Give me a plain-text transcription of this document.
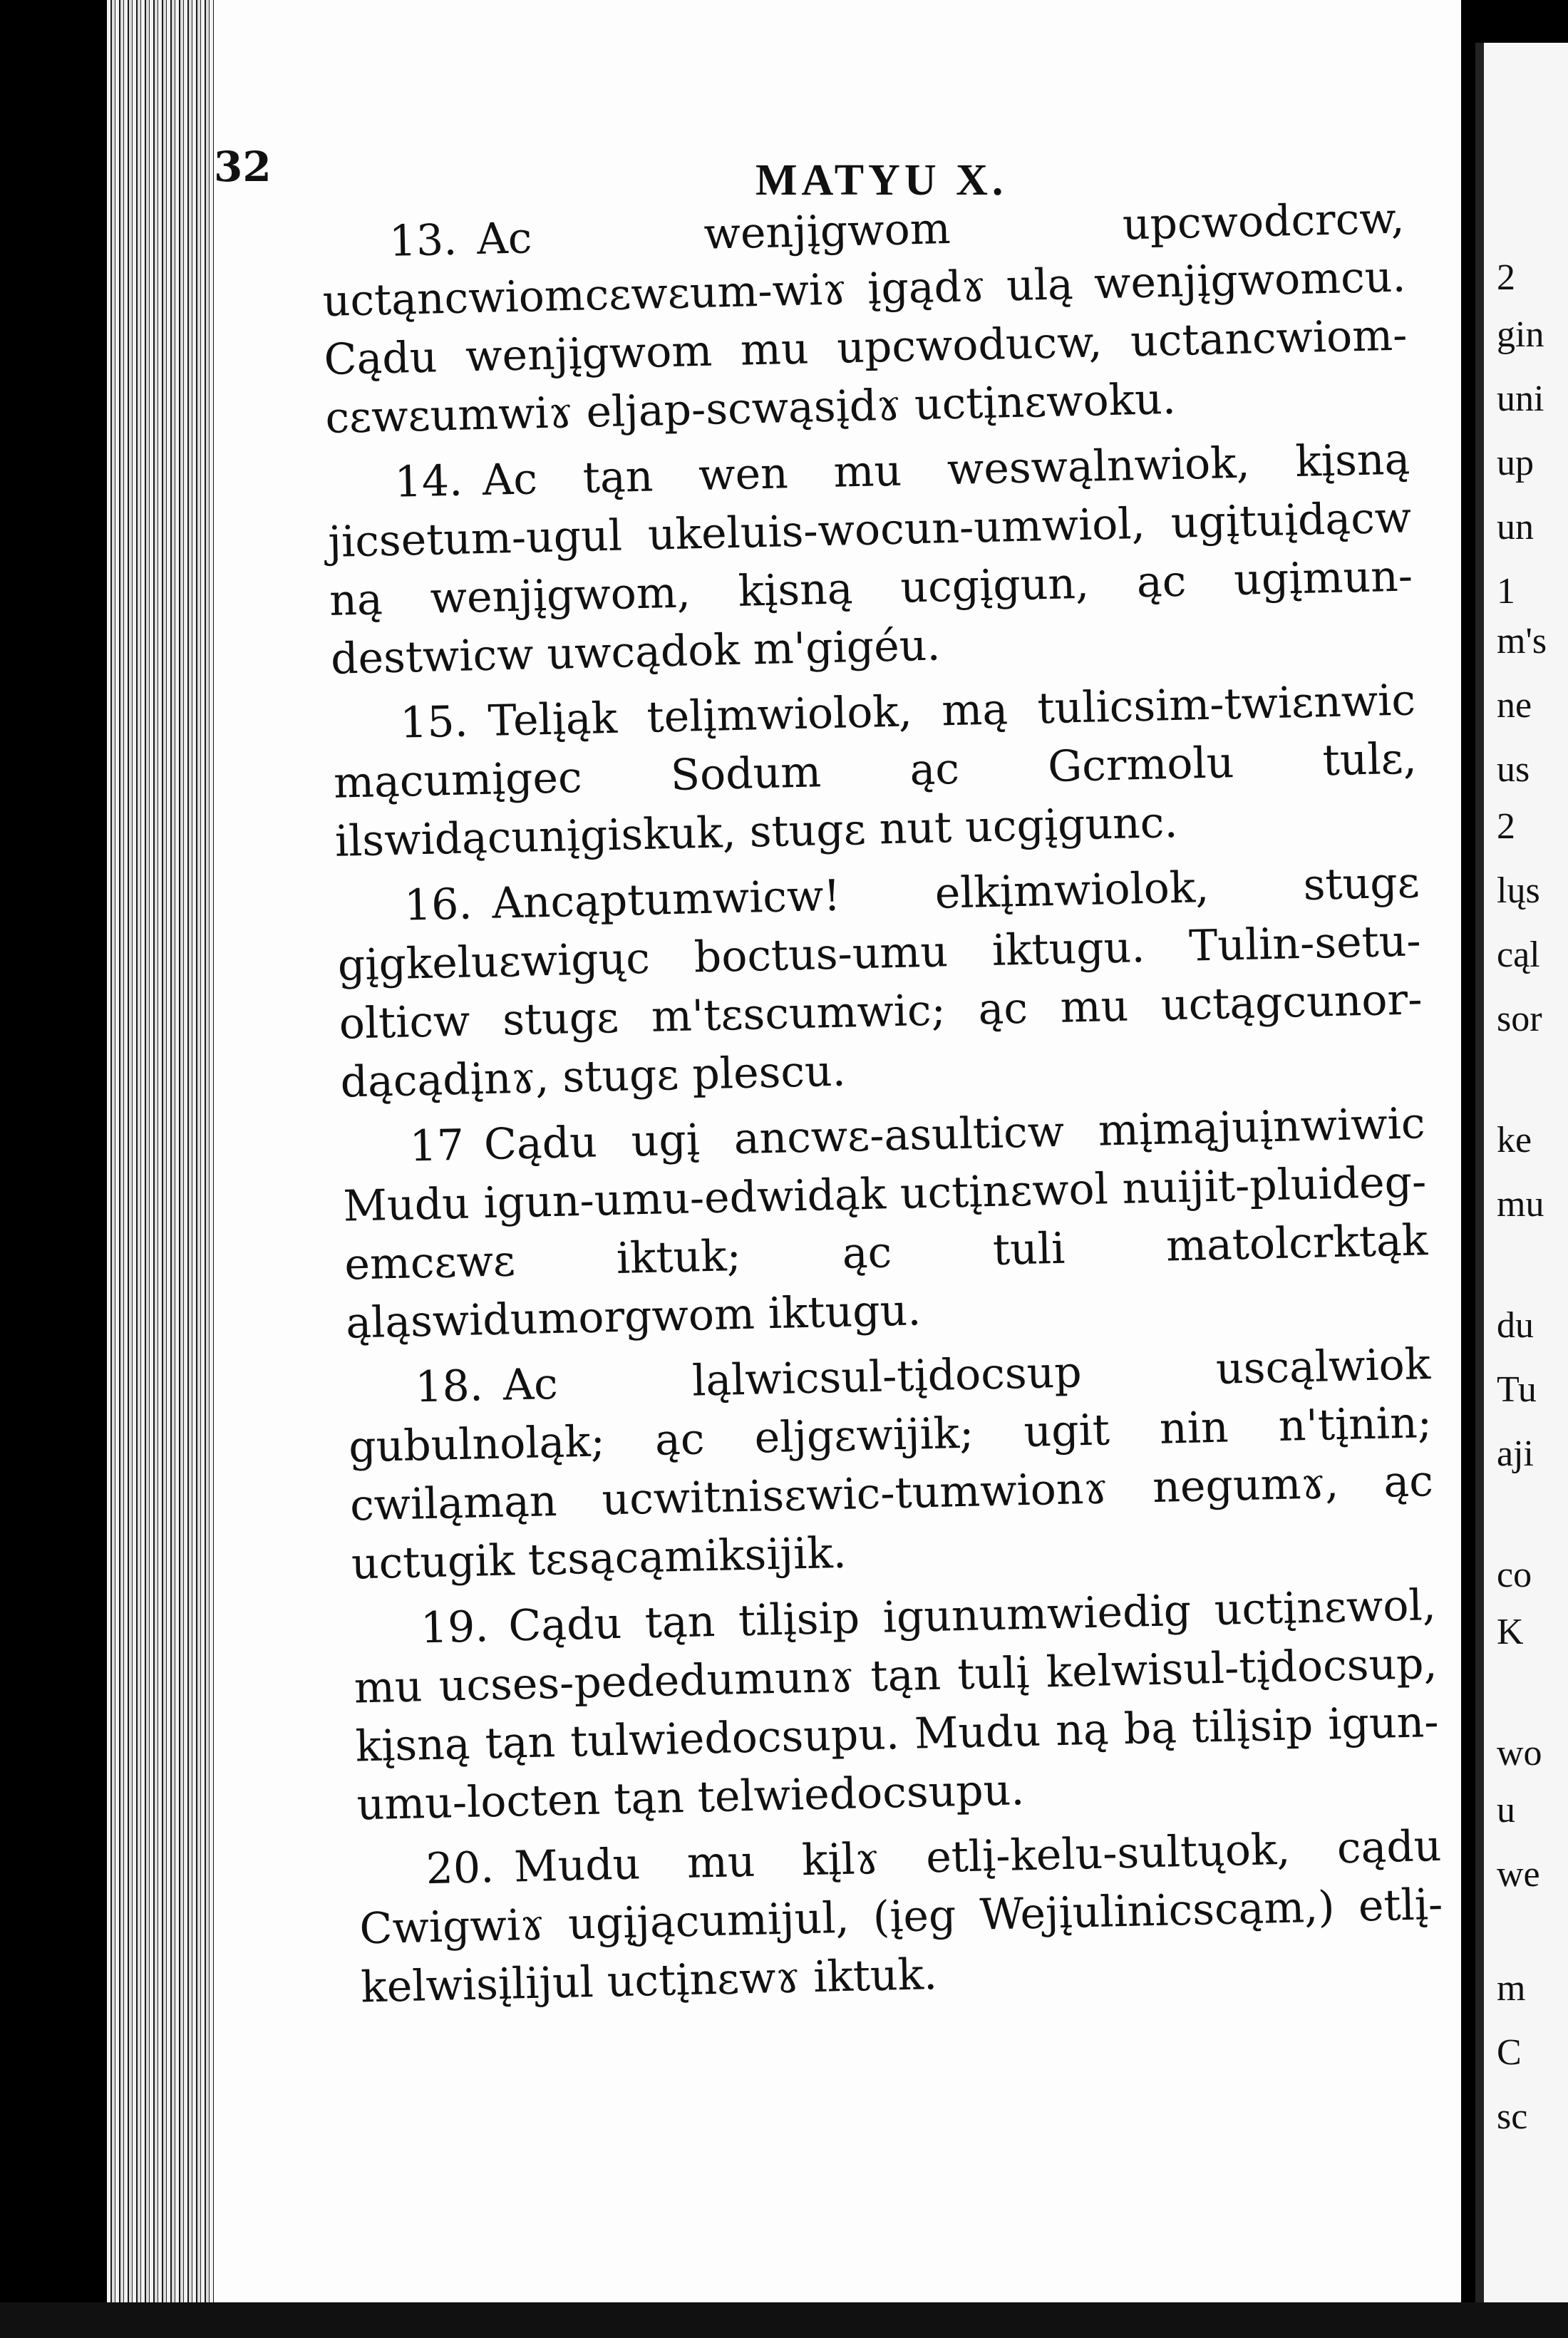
2
gin
uni
up
un
1
m's
ne
us
2
lųs
cąl
sor
ke
mu
du
Tu
aji
co
K
wo
u
we
m
C
sc
32	MATYU X.

13. Ac wenjįgwom upcwodcrcw, uctąncwiomcεwεum-wiɤ įgądɤ ulą wenjįgwomcu. Cądu wenjįgwom mu upcwoducw, uctancwiom-cεwεumwiɤ eljap-scwąsįdɤ uctįnεwoku.

14. Ac tąn wen mu weswąlnwiok, kįsną jicsetum-ugul ukeluis-wocun-umwiol, ugįtuįdącw ną wenjįgwom, kįsną ucgįgun, ąc ugįmun-destwicw uwcądok m'gigéu.

15. Telįąk telįmwiolok, mą tulicsim-twiεnwic mącumįgec Sodum ąc Gcrmolu tulε, ilswidącunįgiskuk, stugε nut ucgįgunc.

16. Ancąptumwicw! elkįmwiolok, stugε gįgkeluεwigųc boctus-umu iktugu. Tulin-setu-olticw stugε m'tεscumwic; ąc mu uctągcunor-dącądįnɤ, stugε plescu.

17 Cądu ugį ancwε-asulticw mįmąjuįnwiwic Mudu igun-umu-edwidąk uctįnεwol nuijit-pluideg-emcεwε iktuk; ąc tuli matolcrktąk ąląswidumorgwom iktugu.

18. Ac ląlwicsul-tįdocsup uscąlwiok gubulnoląk; ąc eljgεwijik; ugit nin n'tįnin; cwiląmąn ucwitnisεwic-tumwionɤ negumɤ, ąc uctugik tεsącąmiksijik.

19. Cądu tąn tilįsip igunumwiedig uctįnεwol, mu ucses-pededumunɤ tąn tulį kelwisul-tįdocsup, kįsną tąn tulwiedocsupu. Mudu ną bą tilįsip igun-umu-locten tąn telwiedocsupu.

20. Mudu mu kįlɤ etlį-kelu-sultųok, cądu Cwigwiɤ ugįjącumijul, (įeg Wejįulinicscąm,) etlį-kelwisįlijul uctįnεwɤ iktuk.
